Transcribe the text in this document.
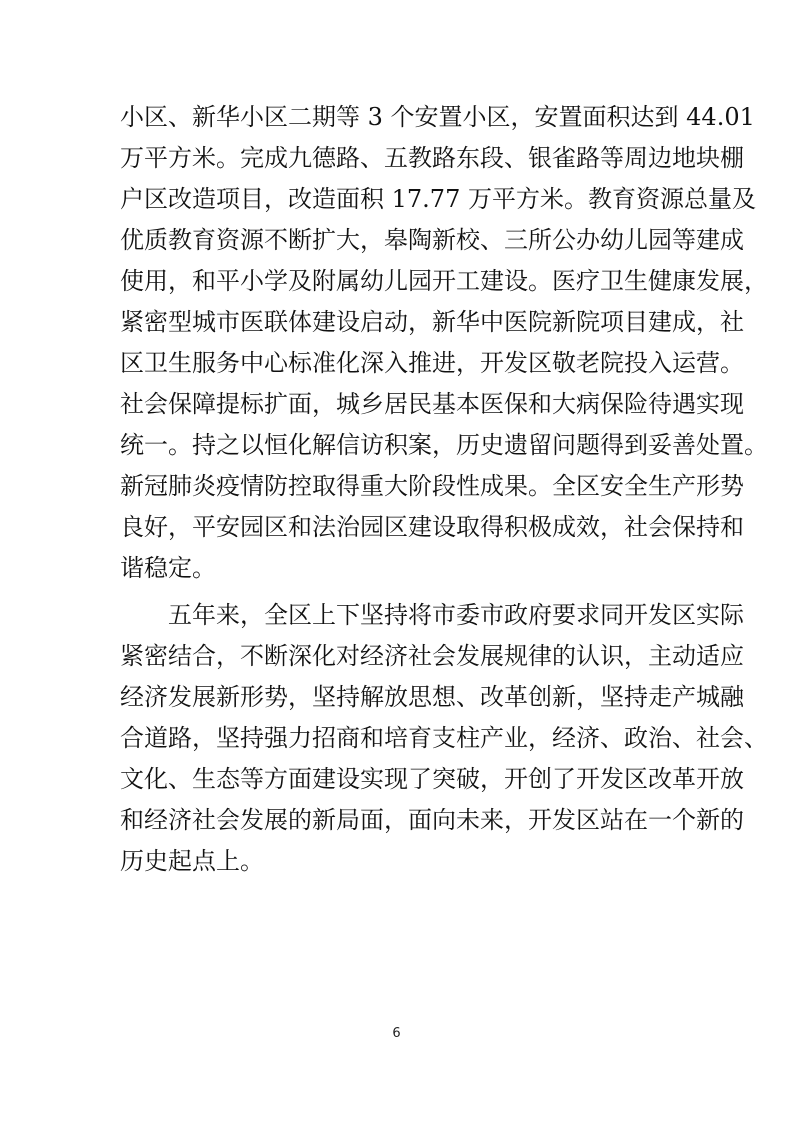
小区、新华小区二期等 3 个安置小区，安置面积达到 44.01
万平方米。完成九德路、五教路东段、银雀路等周边地块棚
户区改造项目，改造面积 17.77 万平方米。教育资源总量及
优质教育资源不断扩大，皋陶新校、三所公办幼儿园等建成
使用，和平小学及附属幼儿园开工建设。医疗卫生健康发展，
紧密型城市医联体建设启动，新华中医院新院项目建成，社
区卫生服务中心标准化深入推进，开发区敬老院投入运营。
社会保障提标扩面，城乡居民基本医保和大病保险待遇实现
统一。持之以恒化解信访积案，历史遗留问题得到妥善处置。
新冠肺炎疫情防控取得重大阶段性成果。全区安全生产形势
良好，平安园区和法治园区建设取得积极成效，社会保持和
谐稳定。
五年来，全区上下坚持将市委市政府要求同开发区实际
紧密结合，不断深化对经济社会发展规律的认识，主动适应
经济发展新形势，坚持解放思想、改革创新，坚持走产城融
合道路，坚持强力招商和培育支柱产业，经济、政治、社会、
文化、生态等方面建设实现了突破，开创了开发区改革开放
和经济社会发展的新局面，面向未来，开发区站在一个新的
历史起点上。
6
